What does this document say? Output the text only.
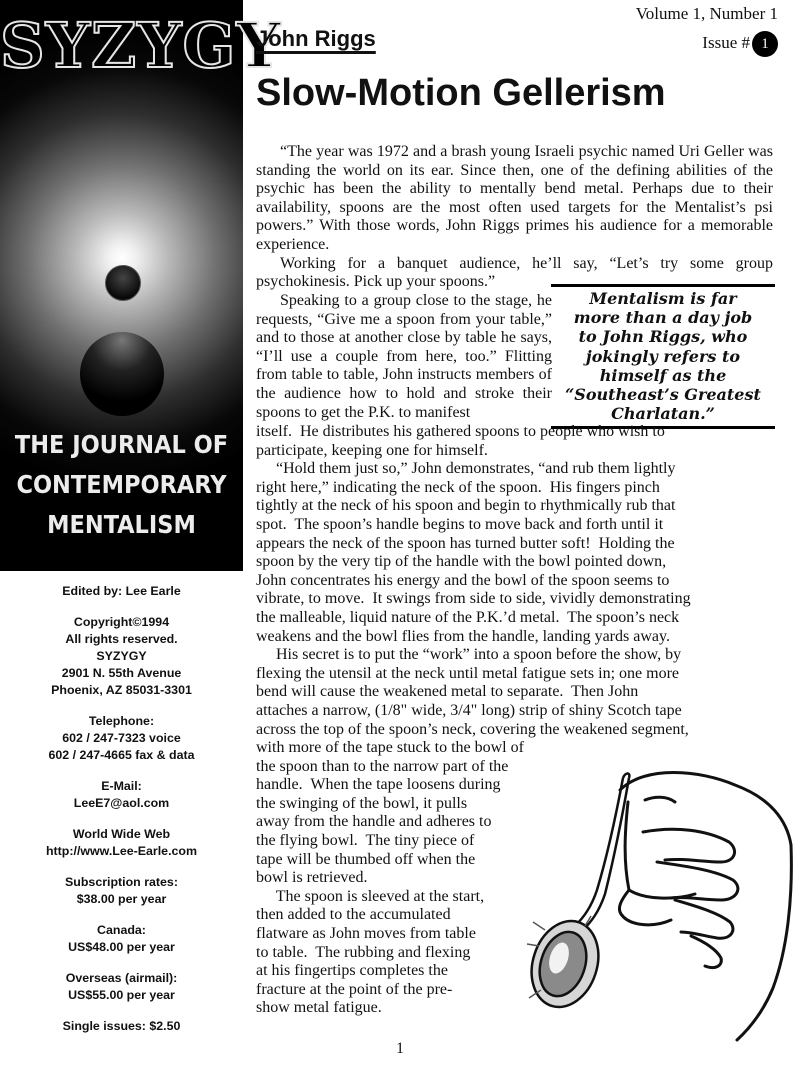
SYZYGY
THE JOURNAL OF
CONTEMPORARY
MENTALISM

Edited by: Lee Earle

Copyright©1994
All rights reserved.
SYZYGY
2901 N. 55th Avenue
Phoenix, AZ 85031-3301

Telephone:
602 / 247-7323 voice
602 / 247-4665 fax & data

E-Mail:
LeeE7@aol.com

World Wide Web
http://www.Lee-Earle.com

Subscription rates:
$38.00 per year

Canada:
US$48.00 per year

Overseas (airmail):
US$55.00 per year

Single issues: $2.50

Volume 1, Number 1
Issue # 1
John Riggs
Slow-Motion Gellerism

“The year was 1972 and a brash young Israeli psychic named Uri Geller was standing the world on its ear. Since then, one of the defining abilities of the psychic has been the ability to mentally bend metal. Perhaps due to their availability, spoons are the most often used targets for the Mentalist’s psi powers.” With those words, John Riggs primes his audience for a memorable experience.

Working for a banquet audience, he’ll say, “Let’s try some group psychokinesis. Pick up your spoons.”

Speaking to a group close to the stage, he requests, “Give me a spoon from your table,” and to those at another close by table he says, “I’ll use a couple from here, too.” Flitting from table to table, John instructs members of the audience how to hold and stroke their spoons to get the P.K. to manifest

Mentalism is far
more than a day job
to John Riggs, who
jokingly refers to
himself as the
“Southeast’s Greatest
Charlatan.”
itself.  He distributes his gathered spoons to people who wish to
participate, keeping one for himself.
“Hold them just so,” John demonstrates, “and rub them lightly
right here,” indicating the neck of the spoon.  His fingers pinch
tightly at the neck of his spoon and begin to rhythmically rub that
spot.  The spoon’s handle begins to move back and forth until it
appears the neck of the spoon has turned butter soft!  Holding the
spoon by the very tip of the handle with the bowl pointed down,
John concentrates his energy and the bowl of the spoon seems to
vibrate, to move.  It swings from side to side, vividly demonstrating
the malleable, liquid nature of the P.K.’d metal.  The spoon’s neck
weakens and the bowl flies from the handle, landing yards away.
His secret is to put the “work” into a spoon before the show, by
flexing the utensil at the neck until metal fatigue sets in; one more
bend will cause the weakened metal to separate.  Then John
attaches a narrow, (1/8" wide, 3/4" long) strip of shiny Scotch tape
across the top of the spoon’s neck, covering the weakened segment,
with more of the tape stuck to the bowl of
the spoon than to the narrow part of the
handle.  When the tape loosens during
the swinging of the bowl, it pulls
away from the handle and adheres to
the flying bowl.  The tiny piece of
tape will be thumbed off when the
bowl is retrieved.
The spoon is sleeved at the start,
then added to the accumulated
flatware as John moves from table
to table.  The rubbing and flexing
at his fingertips completes the
fracture at the point of the pre-
show metal fatigue.
1
